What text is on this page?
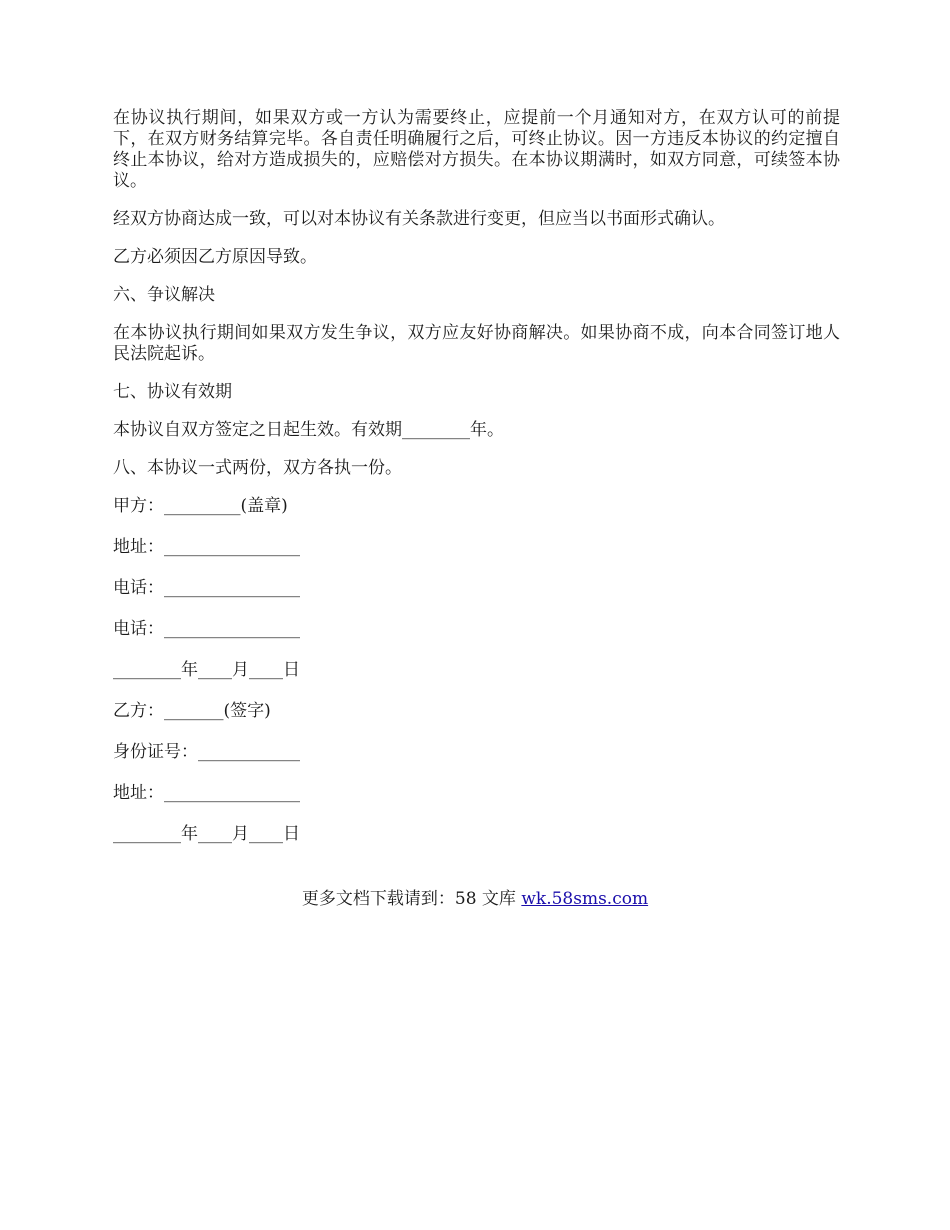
在协议执行期间，如果双方或一方认为需要终止，应提前一个月通知对方，在双方认可的前提下，在双方财务结算完毕。各自责任明确履行之后，可终止协议。因一方违反本协议的约定擅自终止本协议，给对方造成损失的，应赔偿对方损失。在本协议期满时，如双方同意，可续签本协议。

经双方协商达成一致，可以对本协议有关条款进行变更，但应当以书面形式确认。

乙方必须因乙方原因导致。

六、争议解决

在本协议执行期间如果双方发生争议，双方应友好协商解决。如果协商不成，向本合同签订地人民法院起诉。

七、协议有效期

本协议自双方签定之日起生效。有效期________年。

八、本协议一式两份，双方各执一份。

甲方：_________(盖章)

地址：________________

电话：________________

电话：________________

________年____月____日

乙方：_______(签字)

身份证号：____________

地址：________________

________年____月____日

更多文档下载请到：58 文库 wk.58sms.com
